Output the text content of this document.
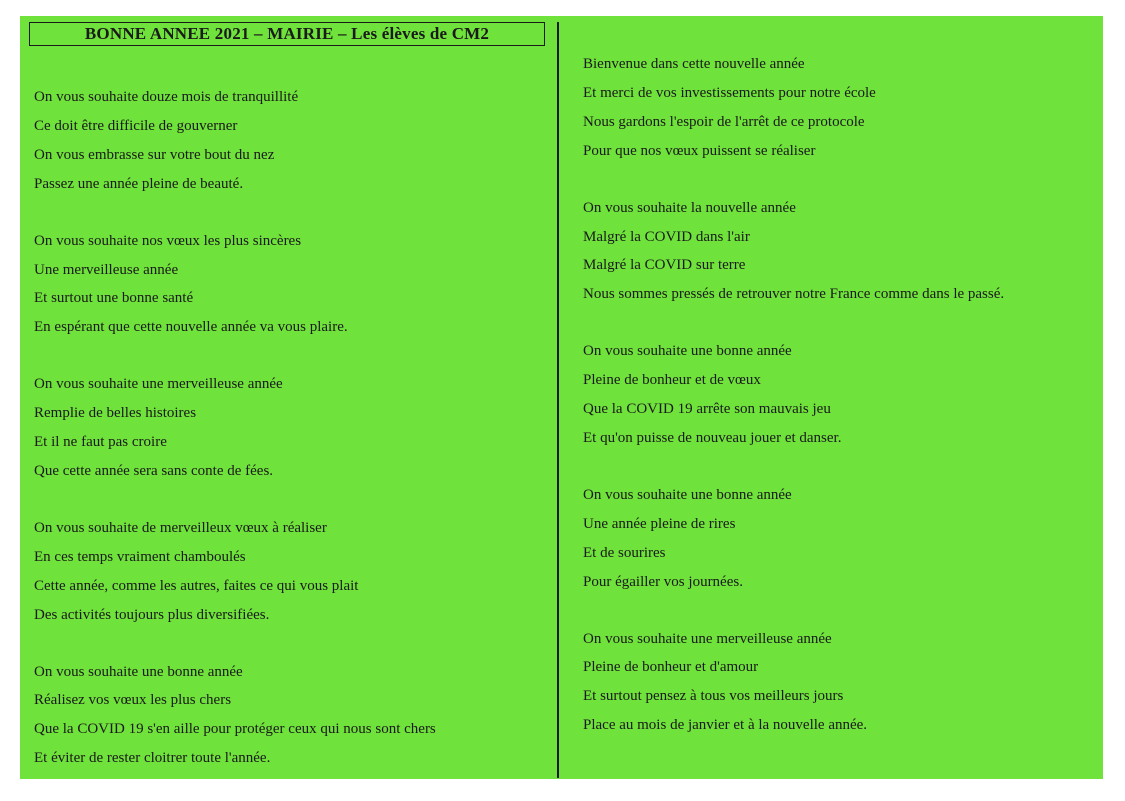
BONNE ANNEE 2021 – MAIRIE – Les élèves de CM2
On vous souhaite douze mois de tranquillité
Ce doit être difficile de gouverner
On vous embrasse sur votre bout du nez
Passez une année pleine de beauté.
On vous souhaite nos vœux les plus sincères
Une merveilleuse année
Et surtout une bonne santé
En espérant que cette nouvelle année va vous plaire.
On vous souhaite une merveilleuse année
Remplie de belles histoires
Et il ne faut pas croire
Que cette année sera sans conte de fées.
On vous souhaite de merveilleux vœux à réaliser
En ces temps vraiment chamboulés
Cette année, comme les autres, faites ce qui vous plait
Des activités toujours plus diversifiées.
On vous souhaite une bonne année
Réalisez vos vœux les plus chers
Que la COVID 19 s'en aille pour protéger ceux qui nous sont chers
Et éviter de rester cloitrer toute l'année.
Bienvenue dans cette nouvelle année
Et merci de vos investissements pour notre école
Nous gardons l'espoir de l'arrêt de ce protocole
Pour que nos vœux puissent se réaliser
On vous souhaite la nouvelle année
Malgré la COVID dans l'air
Malgré la COVID sur terre
Nous sommes pressés de retrouver notre France comme dans le passé.
On vous souhaite une bonne année
Pleine de bonheur et de vœux
Que la COVID 19 arrête son mauvais jeu
Et qu'on puisse de nouveau jouer et danser.
On vous souhaite une bonne année
Une année pleine de rires
Et de sourires
Pour égailler vos journées.
On vous souhaite une merveilleuse année
Pleine de bonheur et d'amour
Et surtout pensez à tous vos meilleurs jours
Place au mois de janvier et à la nouvelle année.
